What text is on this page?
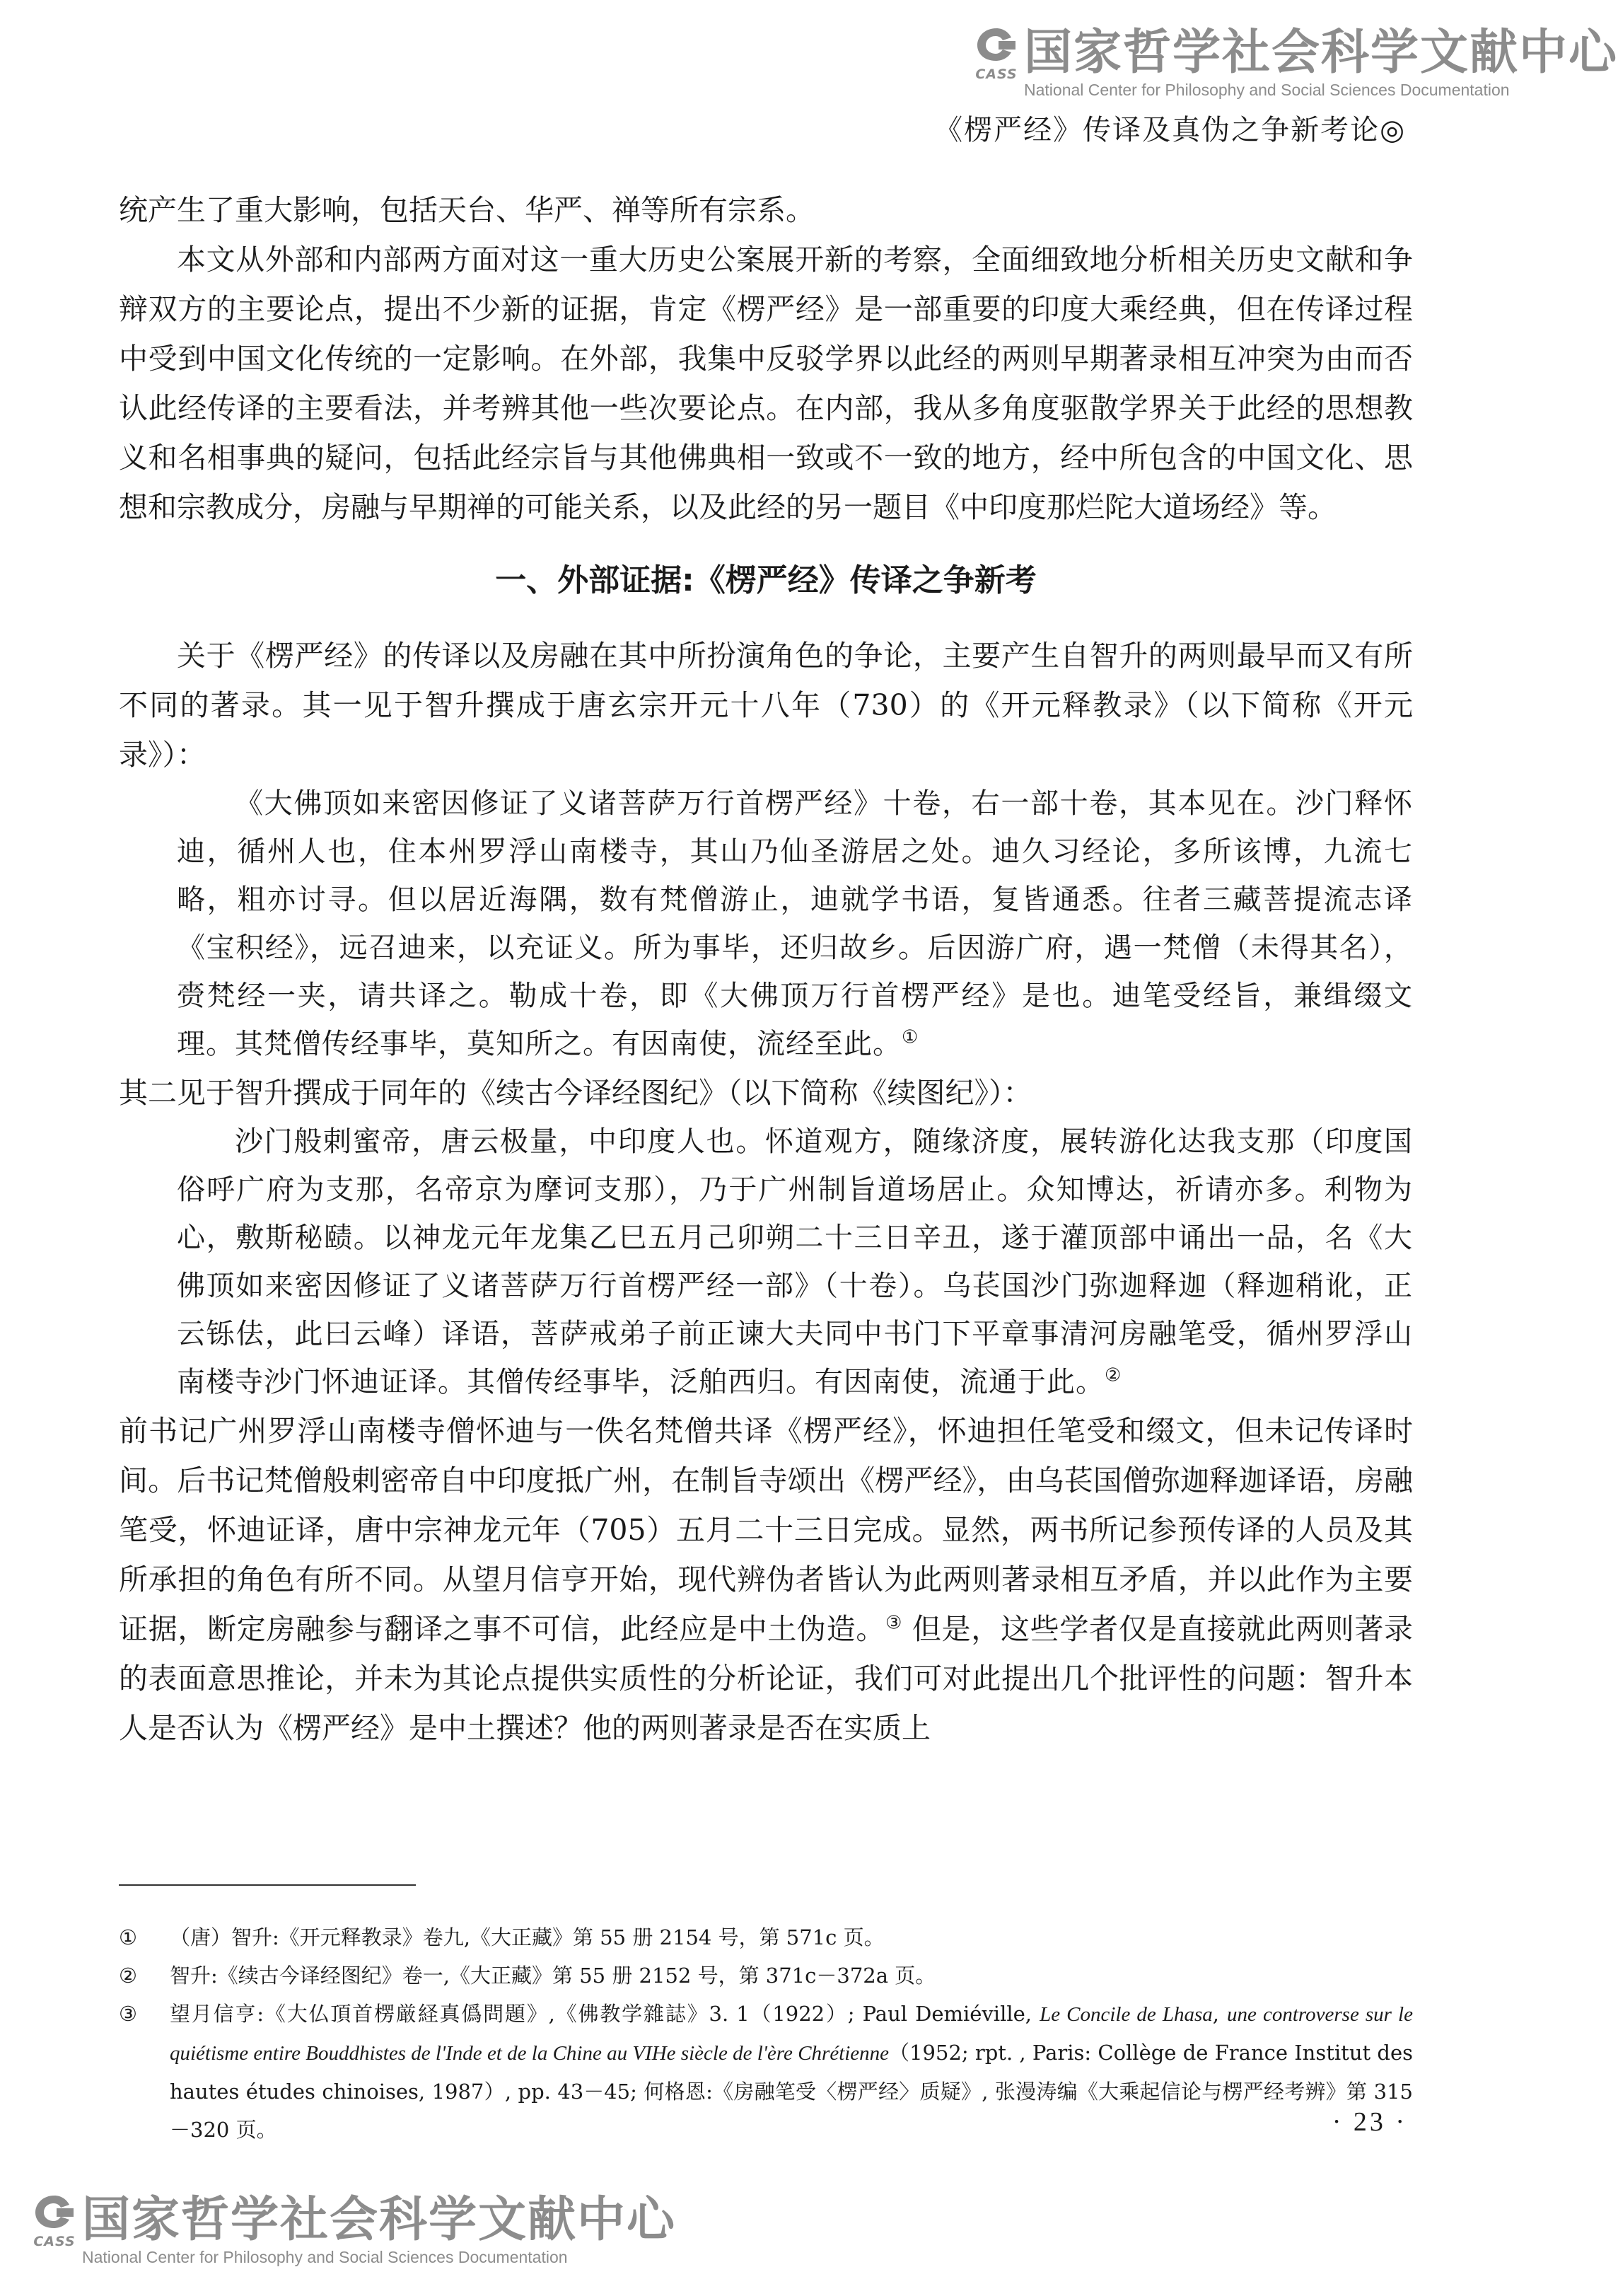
CASS 国家哲学社会科学文献中心
National Center for Philosophy and Social Sciences Documentation
《楞严经》传译及真伪之争新考论◎

统产生了重大影响，包括天台、华严、禅等所有宗系。

本文从外部和内部两方面对这一重大历史公案展开新的考察，全面细致地分析相关历史文献和争辩双方的主要论点，提出不少新的证据，肯定《楞严经》是一部重要的印度大乘经典，但在传译过程中受到中国文化传统的一定影响。在外部，我集中反驳学界以此经的两则早期著录相互冲突为由而否认此经传译的主要看法，并考辨其他一些次要论点。在内部，我从多角度驱散学界关于此经的思想教义和名相事典的疑问，包括此经宗旨与其他佛典相一致或不一致的地方，经中所包含的中国文化、思想和宗教成分，房融与早期禅的可能关系，以及此经的另一题目《中印度那烂陀大道场经》等。

一、外部证据:《楞严经》传译之争新考

关于《楞严经》的传译以及房融在其中所扮演角色的争论，主要产生自智升的两则最早而又有所不同的著录。其一见于智升撰成于唐玄宗开元十八年（730）的《开元释教录》（以下简称《开元录》）：

《大佛顶如来密因修证了义诸菩萨万行首楞严经》十卷，右一部十卷，其本见在。沙门释怀迪，循州人也，住本州罗浮山南楼寺，其山乃仙圣游居之处。迪久习经论，多所该博，九流七略，粗亦讨寻。但以居近海隅，数有梵僧游止，迪就学书语，复皆通悉。往者三藏菩提流志译《宝积经》，远召迪来，以充证义。所为事毕，还归故乡。后因游广府，遇一梵僧（未得其名），赍梵经一夹，请共译之。勒成十卷，即《大佛顶万行首楞严经》是也。迪笔受经旨，兼缉缀文理。其梵僧传经事毕，莫知所之。有因南使，流经至此。①

其二见于智升撰成于同年的《续古今译经图纪》（以下简称《续图纪》）：

沙门般剌蜜帝，唐云极量，中印度人也。怀道观方，随缘济度，展转游化达我支那（印度国俗呼广府为支那，名帝京为摩诃支那），乃于广州制旨道场居止。众知博达，祈请亦多。利物为心，敷斯秘赜。以神龙元年龙集乙巳五月己卯朔二十三日辛丑，遂于灌顶部中诵出一品，名《大佛顶如来密因修证了义诸菩萨万行首楞严经一部》（十卷）。乌苌国沙门弥迦释迦（释迦稍讹，正云铄佉，此曰云峰）译语，菩萨戒弟子前正谏大夫同中书门下平章事清河房融笔受，循州罗浮山南楼寺沙门怀迪证译。其僧传经事毕，泛舶西归。有因南使，流通于此。②

前书记广州罗浮山南楼寺僧怀迪与一佚名梵僧共译《楞严经》，怀迪担任笔受和缀文，但未记传译时间。后书记梵僧般剌密帝自中印度抵广州，在制旨寺颂出《楞严经》，由乌苌国僧弥迦释迦译语，房融笔受，怀迪证译，唐中宗神龙元年（705）五月二十三日完成。显然，两书所记参预传译的人员及其所承担的角色有所不同。从望月信亨开始，现代辨伪者皆认为此两则著录相互矛盾，并以此作为主要证据，断定房融参与翻译之事不可信，此经应是中土伪造。③ 但是，这些学者仅是直接就此两则著录的表面意思推论，并未为其论点提供实质性的分析论证，我们可对此提出几个批评性的问题：智升本人是否认为《楞严经》是中土撰述？他的两则著录是否在实质上

①	（唐）智升:《开元释教录》卷九,《大正藏》第 55 册 2154 号，第 571c 页。
②	智升:《续古今译经图纪》卷一,《大正藏》第 55 册 2152 号，第 371c－372a 页。
③	望月信亨:《大仏頂首楞厳経真僞問題》,《佛教学雜誌》3. 1（1922）; Paul Demiéville, Le Concile de Lhasa, une controverse sur le quiétisme entire Bouddhistes de l'Inde et de la Chine au VIHe siècle de l'ère Chrétienne（1952; rpt. , Paris: Collège de France Institut des hautes études chinoises, 1987）, pp. 43－45; 何格恩:《房融笔受〈楞严经〉质疑》, 张漫涛编《大乘起信论与楞严经考辨》第 315－320 页。	· 23 ·
CASS 国家哲学社会科学文献中心
National Center for Philosophy and Social Sciences Documentation
